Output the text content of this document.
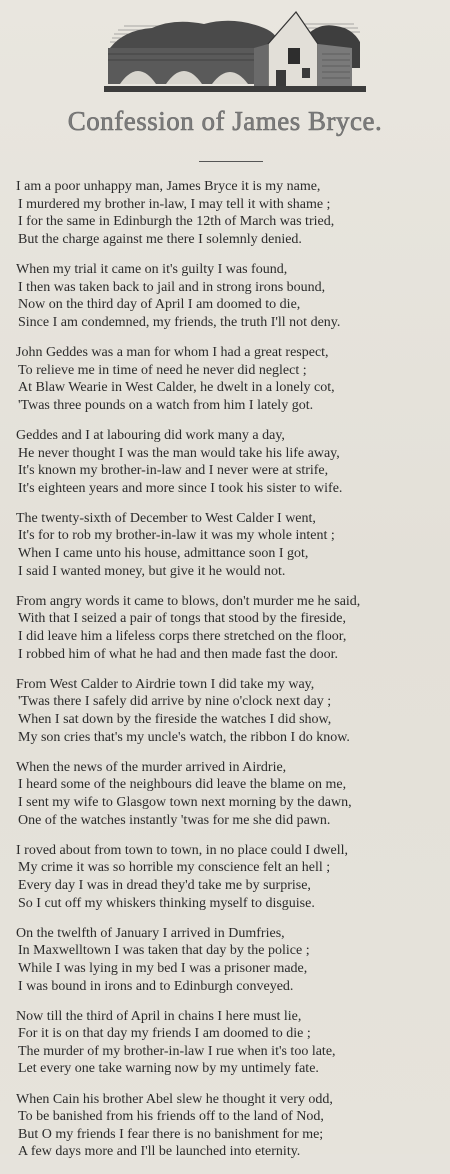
Confession of James Bryce.
I am a poor unhappy man, James Bryce it is my name,
I murdered my brother in-law, I may tell it with shame ;
I for the same in Edinburgh the 12th of March was tried,
But the charge against me there I solemnly denied.
When my trial it came on it's guilty I was found,
I then was taken back to jail and in strong irons bound,
Now on the third day of April I am doomed to die,
Since I am condemned, my friends, the truth I'll not deny.
John Geddes was a man for whom I had a great respect,
To relieve me in time of need he never did neglect ;
At Blaw Wearie in West Calder, he dwelt in a lonely cot,
'Twas three pounds on a watch from him I lately got.
Geddes and I at labouring did work many a day,
He never thought I was the man would take his life away,
It's known my brother-in-law and I never were at strife,
It's eighteen years and more since I took his sister to wife.
The twenty-sixth of December to West Calder I went,
It's for to rob my brother-in-law it was my whole intent ;
When I came unto his house, admittance soon I got,
I said I wanted money, but give it he would not.
From angry words it came to blows, don't murder me he said,
With that I seized a pair of tongs that stood by the fireside,
I did leave him a lifeless corps there stretched on the floor,
I robbed him of what he had and then made fast the door.
From West Calder to Airdrie town I did take my way,
'Twas there I safely did arrive by nine o'clock next day ;
When I sat down by the fireside the watches I did show,
My son cries that's my uncle's watch, the ribbon I do know.
When the news of the murder arrived in Airdrie,
I heard some of the neighbours did leave the blame on me,
I sent my wife to Glasgow town next morning by the dawn,
One of the watches instantly 'twas for me she did pawn.
I roved about from town to town, in no place could I dwell,
My crime it was so horrible my conscience felt an hell ;
Every day I was in dread they'd take me by surprise,
So I cut off my whiskers thinking myself to disguise.
On the twelfth of January I arrived in Dumfries,
In Maxwelltown I was taken that day by the police ;
While I was lying in my bed I was a prisoner made,
I was bound in irons and to Edinburgh conveyed.
Now till the third of April in chains I here must lie,
For it is on that day my friends I am doomed to die ;
The murder of my brother-in-law I rue when it's too late,
Let every one take warning now by my untimely fate.
When Cain his brother Abel slew he thought it very odd,
To be banished from his friends off to the land of Nod,
But O my friends I fear there is no banishment for me;
A few days more and I'll be launched into eternity.
